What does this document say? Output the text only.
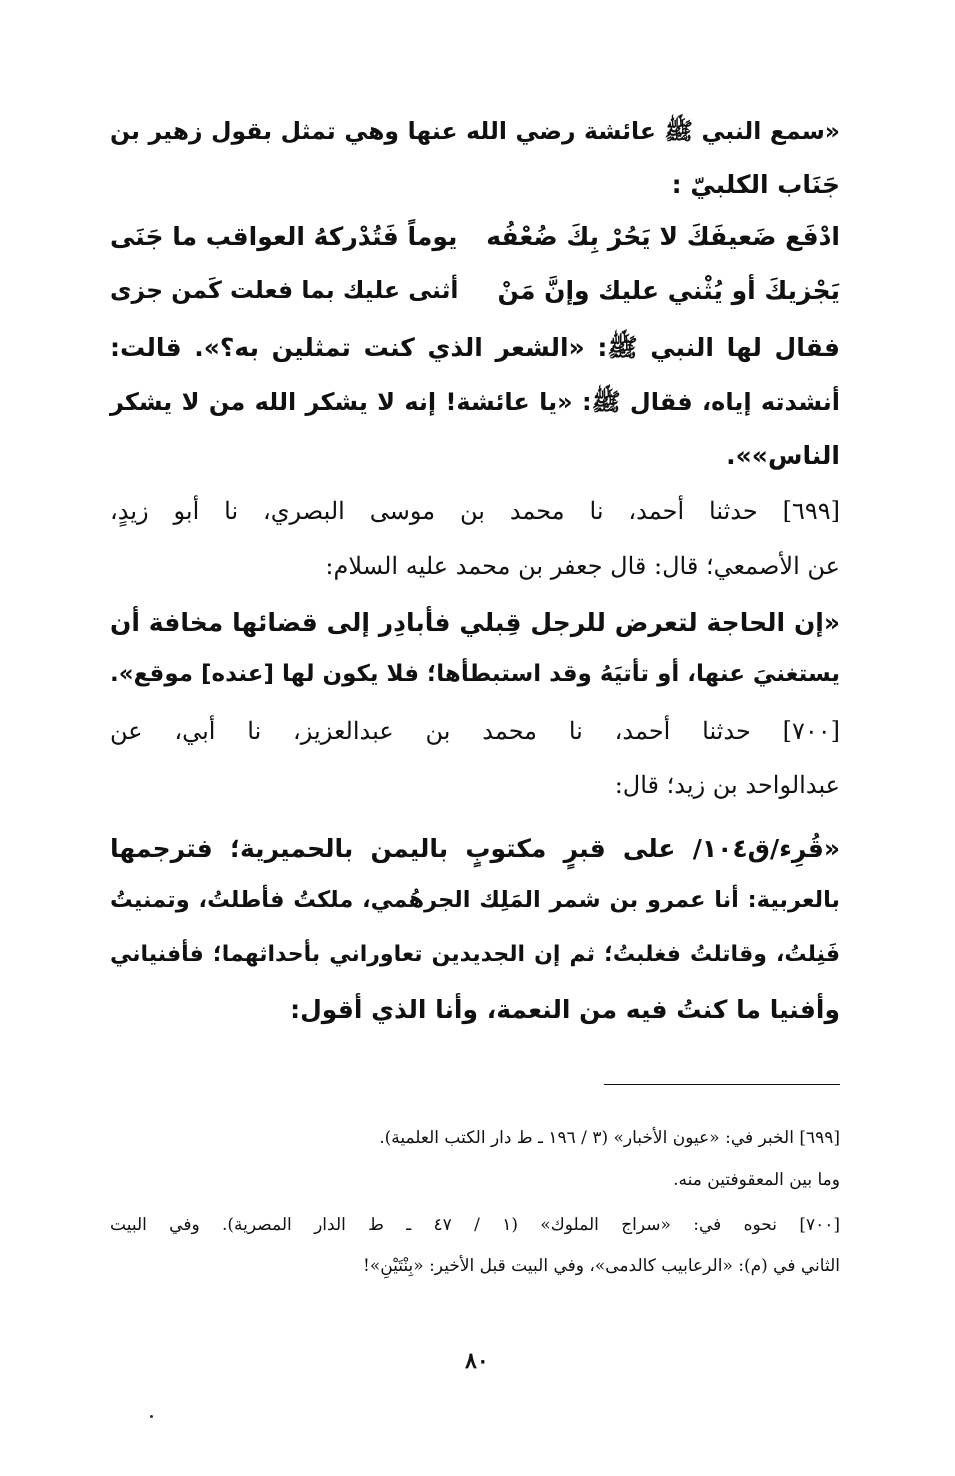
«سمع النبي ﷺ عائشة رضي الله عنها وهي تمثل بقول زهير بن
جَنَاب الكلبيّ :
ادْفَع ضَعيفَكَ لا يَحُرْ بِكَ ضُعْفُه
يوماً فَتُدْركهُ العواقب ما جَنَى
يَجْزيكَ أو يُثْني عليك وإنَّ مَنْ
أثنى عليك بما فعلت كَمن جزى
فقال لها النبي ﷺ: «الشعر الذي كنت تمثلين به؟». قالت:
أنشدته إياه، فقال ﷺ: «يا عائشة! إنه لا يشكر الله من لا يشكر
الناس»».
[٦٩٩] حدثنا أحمد، نا محمد بن موسى البصري، نا أبو زيدٍ،
عن الأصمعي؛ قال: قال جعفر بن محمد عليه السلام:
«إن الحاجة لتعرض للرجل قِبلي فأبادِر إلى قضائها مخافة أن
يستغنيَ عنها، أو تأتيَهُ وقد استبطأها؛ فلا يكون لها [عنده] موقع».
[٧٠٠] حدثنا أحمد، نا محمد بن عبدالعزيز، نا أبي، عن
عبدالواحد بن زيد؛ قال:
«قُرِء/ق١٠٤/ على قبرٍ مكتوبٍ باليمن بالحميرية؛ فترجمها
بالعربية: أنا عمرو بن شمر المَلِك الجرهُمي، ملكتُ فأطلتُ، وتمنيتُ
فَنِلتُ، وقاتلتُ فغلبتُ؛ ثم إن الجديدين تعاوراني بأحداثهما؛ فأفنياني
وأفنيا ما كنتُ فيه من النعمة، وأنا الذي أقول:
[٦٩٩] الخبر في: «عيون الأخبار» (٣ / ١٩٦ ـ ط دار الكتب العلمية).
وما بين المعقوفتين منه.
[٧٠٠] نحوه في: «سراج الملوك» (١ / ٤٧ ـ ط الدار المصرية). وفي البيت
الثاني في (م): «الرعابيب كالدمى»، وفي البيت قبل الأخير: «بِنْتَيْنِ»!
٨٠
